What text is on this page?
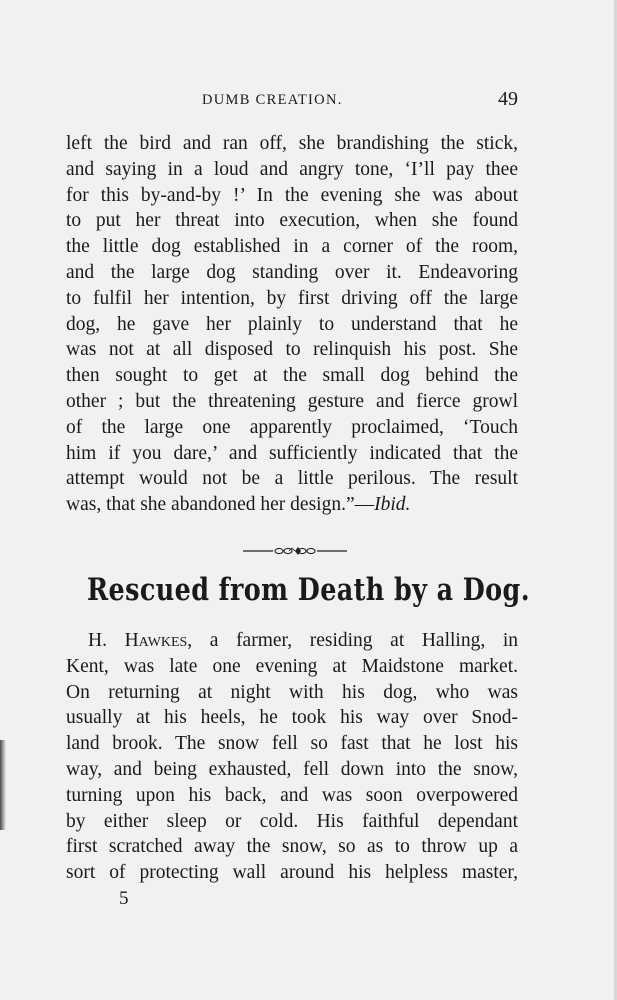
DUMB CREATION.	49
left the bird and ran off, she brandishing the stick,
and saying in a loud and angry tone, ‘I’ll pay thee
for this by-and-by !’ In the evening she was about
to put her threat into execution, when she found
the little dog established in a corner of the room,
and the large dog standing over it. Endeavoring
to fulfil her intention, by first driving off the large
dog, he gave her plainly to understand that he
was not at all disposed to relinquish his post. She
then sought to get at the small dog behind the
other ; but the threatening gesture and fierce growl
of the large one apparently proclaimed, ‘Touch
him if you dare,’ and sufficiently indicated that the
attempt would not be a little perilous. The result
was, that she abandoned her design.”—Ibid.
Rescued from Death by a Dog.
H. Hawkes, a farmer, residing at Halling, in
Kent, was late one evening at Maidstone market.
On returning at night with his dog, who was
usually at his heels, he took his way over Snod-
land brook. The snow fell so fast that he lost his
way, and being exhausted, fell down into the snow,
turning upon his back, and was soon overpowered
by either sleep or cold. His faithful dependant
first scratched away the snow, so as to throw up a
sort of protecting wall around his helpless master,
5
